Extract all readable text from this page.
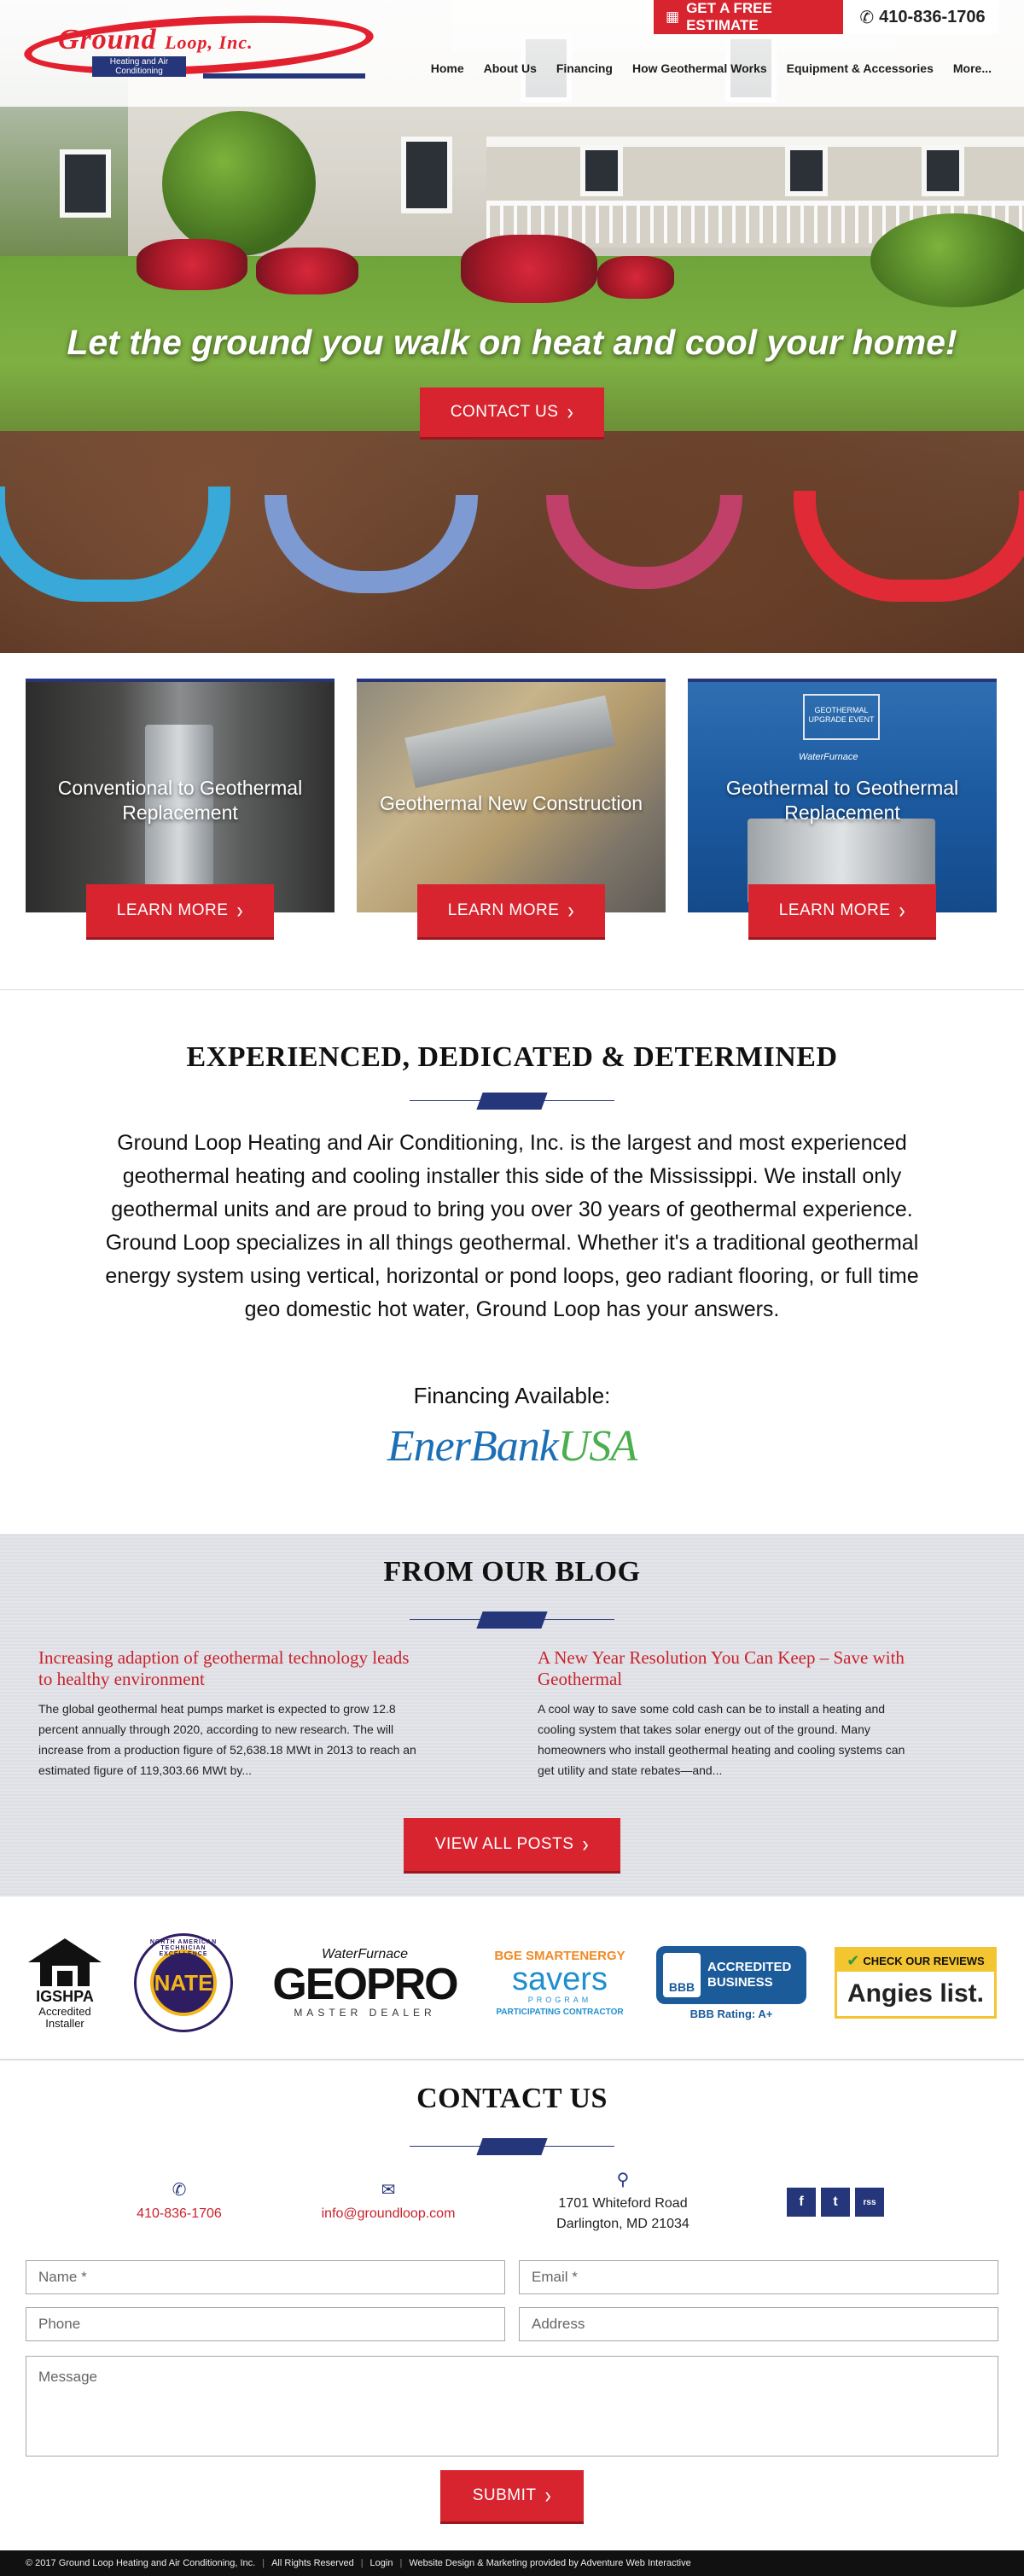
Ground Loop, Inc.
Heating and Air Conditioning
▦
GET A FREE ESTIMATE	✆ 410-836-1706
Home About Us Financing How Geothermal Works Equipment & Accessories More...
Let the ground you walk on heat and cool your home!
CONTACT US ›
Conventional to Geothermal Replacement	Geothermal New Construction
GEOTHERMAL UPGRADE EVENT
WaterFurnace
Geothermal to Geothermal Replacement
LEARN MORE ›	LEARN MORE ›	LEARN MORE ›
EXPERIENCED, DEDICATED & DETERMINED

Ground Loop Heating and Air Conditioning, Inc. is the largest and most experienced geothermal heating and cooling installer this side of the Mississippi. We install only geothermal units and are proud to bring you over 30 years of geothermal experience. Ground Loop specializes in all things geothermal. Whether it's a traditional geothermal energy system using vertical, horizontal or pond loops, geo radiant flooring, or full time geo domestic hot water, Ground Loop has your answers.

Financing Available:
EnerBankUSA
FROM OUR BLOG
Increasing adaption of geothermal technology leads to healthy environment

The global geothermal heat pumps market is expected to grow 12.8 percent annually through 2020, according to new research. The will increase from a production figure of 52,638.18 MWt in 2013 to reach an estimated figure of 119,303.66 MWt by...

A New Year Resolution You Can Keep – Save with Geothermal

A cool way to save some cold cash can be to install a heating and cooling system that takes solar energy out of the ground. Many homeowners who install geothermal heating and cooling systems can get utility and state rebates—and...

VIEW ALL POSTS ›
IGSHPA
Accredited
Installer
NORTH AMERICAN TECHNICIAN EXCELLENCE
NATE
WaterFurnace
GEOPRO
MASTER DEALER
BGE SMARTENERGY
savers
PROGRAM
PARTICIPATING CONTRACTOR
BBB
ACCREDITED
BUSINESS
BBB Rating: A+
✔ CHECK OUR REVIEWS
Angies list.
CONTACT US
✆
410-836-1706
✉
info@groundloop.com
⚲
1701 Whiteford Road
Darlington, MD 21034
f	t	rss
Name *	Email *
Phone	Address
Message
SUBMIT ›
© 2017 Ground Loop Heating and Air Conditioning, Inc. | All Rights Reserved | Login | Website Design & Marketing provided by Adventure Web Interactive
